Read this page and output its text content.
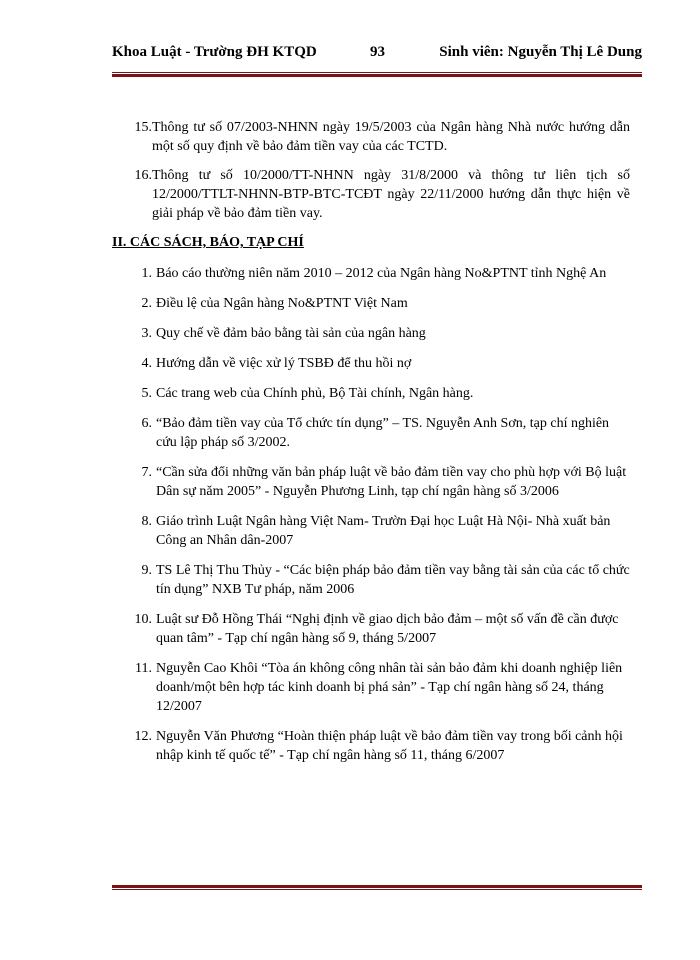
Khoa Luật - Trường ĐH KTQD	93	Sinh viên: Nguyễn Thị Lê Dung
15. Thông tư số 07/2003-NHNN ngày 19/5/2003 của Ngân hàng Nhà nước hướng dẫn một số quy định về bảo đảm tiền vay của các TCTD.
16. Thông tư số 10/2000/TT-NHNN ngày 31/8/2000 và thông tư liên tịch số 12/2000/TTLT-NHNN-BTP-BTC-TCĐT ngày 22/11/2000 hướng dẫn thực hiện về giải pháp về bảo đảm tiền vay.
II. CÁC SÁCH, BÁO, TẠP CHÍ
1. Báo cáo thường niên năm 2010 – 2012 của Ngân hàng No&PTNT tỉnh Nghệ An
2. Điều lệ của Ngân hàng No&PTNT Việt Nam
3. Quy chế về đảm bảo bằng tài sản của ngân hàng
4. Hướng dẫn về việc xử lý TSBĐ để thu hồi nợ
5. Các trang web của Chính phủ, Bộ Tài chính, Ngân hàng.
6. “Bảo đảm tiền vay của Tổ chức tín dụng” – TS. Nguyễn Anh Sơn, tạp chí nghiên cứu lập pháp số 3/2002.
7. “Cần sửa đổi những văn bản pháp luật về bảo đảm tiền vay cho phù hợp với Bộ luật Dân sự năm 2005” - Nguyễn Phương Linh, tạp chí ngân hàng số 3/2006
8. Giáo trình Luật Ngân hàng Việt Nam- Trườn Đại học Luật Hà Nội- Nhà xuất bản Công an Nhân dân-2007
9. TS Lê Thị Thu Thủy - “Các biện pháp bảo đảm tiền vay bằng tài sản của các tổ chức tín dụng” NXB Tư pháp, năm 2006
10. Luật sư Đỗ Hồng Thái “Nghị định về giao dịch bảo đảm – một số vấn đề cần được quan tâm” - Tạp chí ngân hàng số 9, tháng 5/2007
11. Nguyễn Cao Khôi “Tòa án không công nhân tài sản bảo đảm khi doanh nghiệp liên doanh/một bên hợp tác kinh doanh bị phá sản” - Tạp chí ngân hàng số 24, tháng 12/2007
12. Nguyễn Văn Phương “Hoàn thiện pháp luật về bảo đảm tiền vay trong bối cảnh hội nhập kinh tế quốc tế” - Tạp chí ngân hàng số 11, tháng 6/2007
